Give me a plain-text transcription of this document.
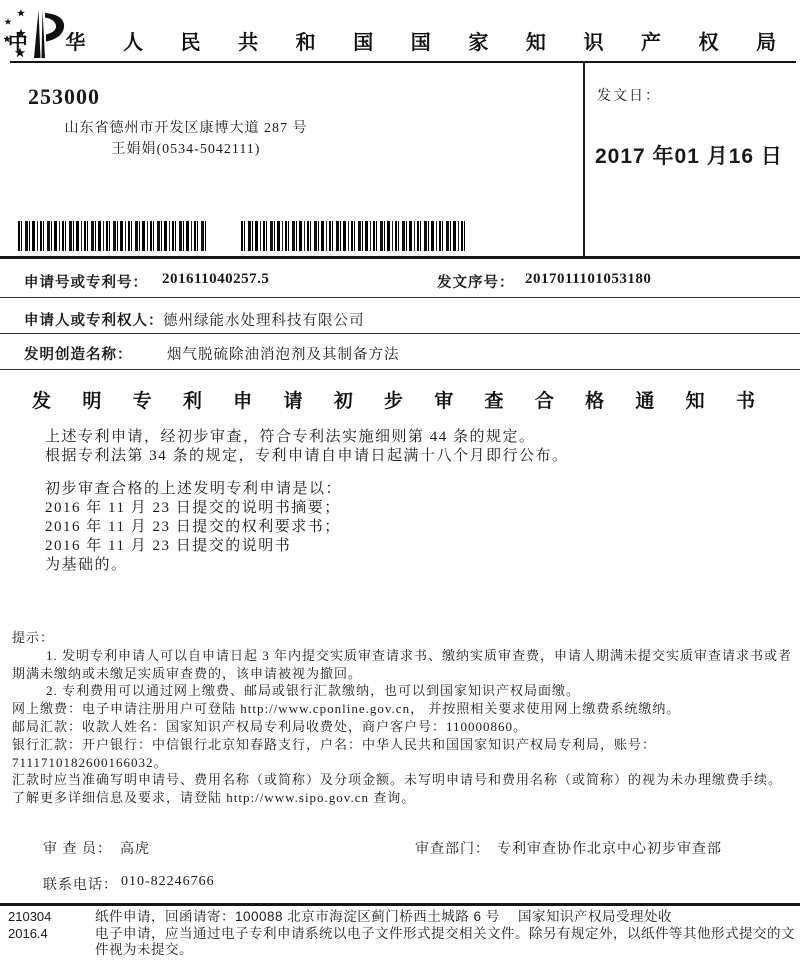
中 华 人 民 共 和 国 国 家 知 识 产 权 局
253000
山东省德州市开发区康博大道 287 号
王娟娟(0534-5042111)
发文日：
2017 年01 月16 日
申请号或专利号： 201611040257.5	发文序号： 2017011101053180
申请人或专利权人： 德州绿能水处理科技有限公司
发明创造名称： 烟气脱硫除油消泡剂及其制备方法
发 明 专 利 申 请 初 步 审 查 合 格 通 知 书
上述专利申请，经初步审查，符合专利法实施细则第 44 条的规定。
根据专利法第 34 条的规定，专利申请自申请日起满十八个月即行公布。
初步审查合格的上述发明专利申请是以：
2016 年 11 月 23 日提交的说明书摘要；
2016 年 11 月 23 日提交的权利要求书；
2016 年 11 月 23 日提交的说明书
为基础的。

提示：

1. 发明专利申请人可以自申请日起 3 年内提交实质审查请求书、缴纳实质审查费，申请人期满未提交实质审查请求书或者期满未缴纳或未缴足实质审查费的，该申请被视为撤回。

2. 专利费用可以通过网上缴费、邮局或银行汇款缴纳，也可以到国家知识产权局面缴。

网上缴费：电子申请注册用户可登陆 http://www.cponline.gov.cn， 并按照相关要求使用网上缴费系统缴纳。

邮局汇款：收款人姓名：国家知识产权局专利局收费处，商户客户号：110000860。

银行汇款：开户银行：中信银行北京知春路支行，户名：中华人民共和国国家知识产权局专利局，账号： 7111710182600166032。

汇款时应当准确写明申请号、费用名称（或简称）及分项金额。未写明申请号和费用名称（或简称）的视为未办理缴费手续。

了解更多详细信息及要求，请登陆 http://www.sipo.gov.cn 查询。

审 查 员： 高虎	审查部门： 专利审查协作北京中心初步审查部
联系电话： 010-82246766
210304
2016.4

纸件申请，回函请寄：100088 北京市海淀区蓟门桥西土城路 6 号　 国家知识产权局受理处收

电子申请，应当通过电子专利申请系统以电子文件形式提交相关文件。除另有规定外，以纸件等其他形式提交的文件视为未提交。
